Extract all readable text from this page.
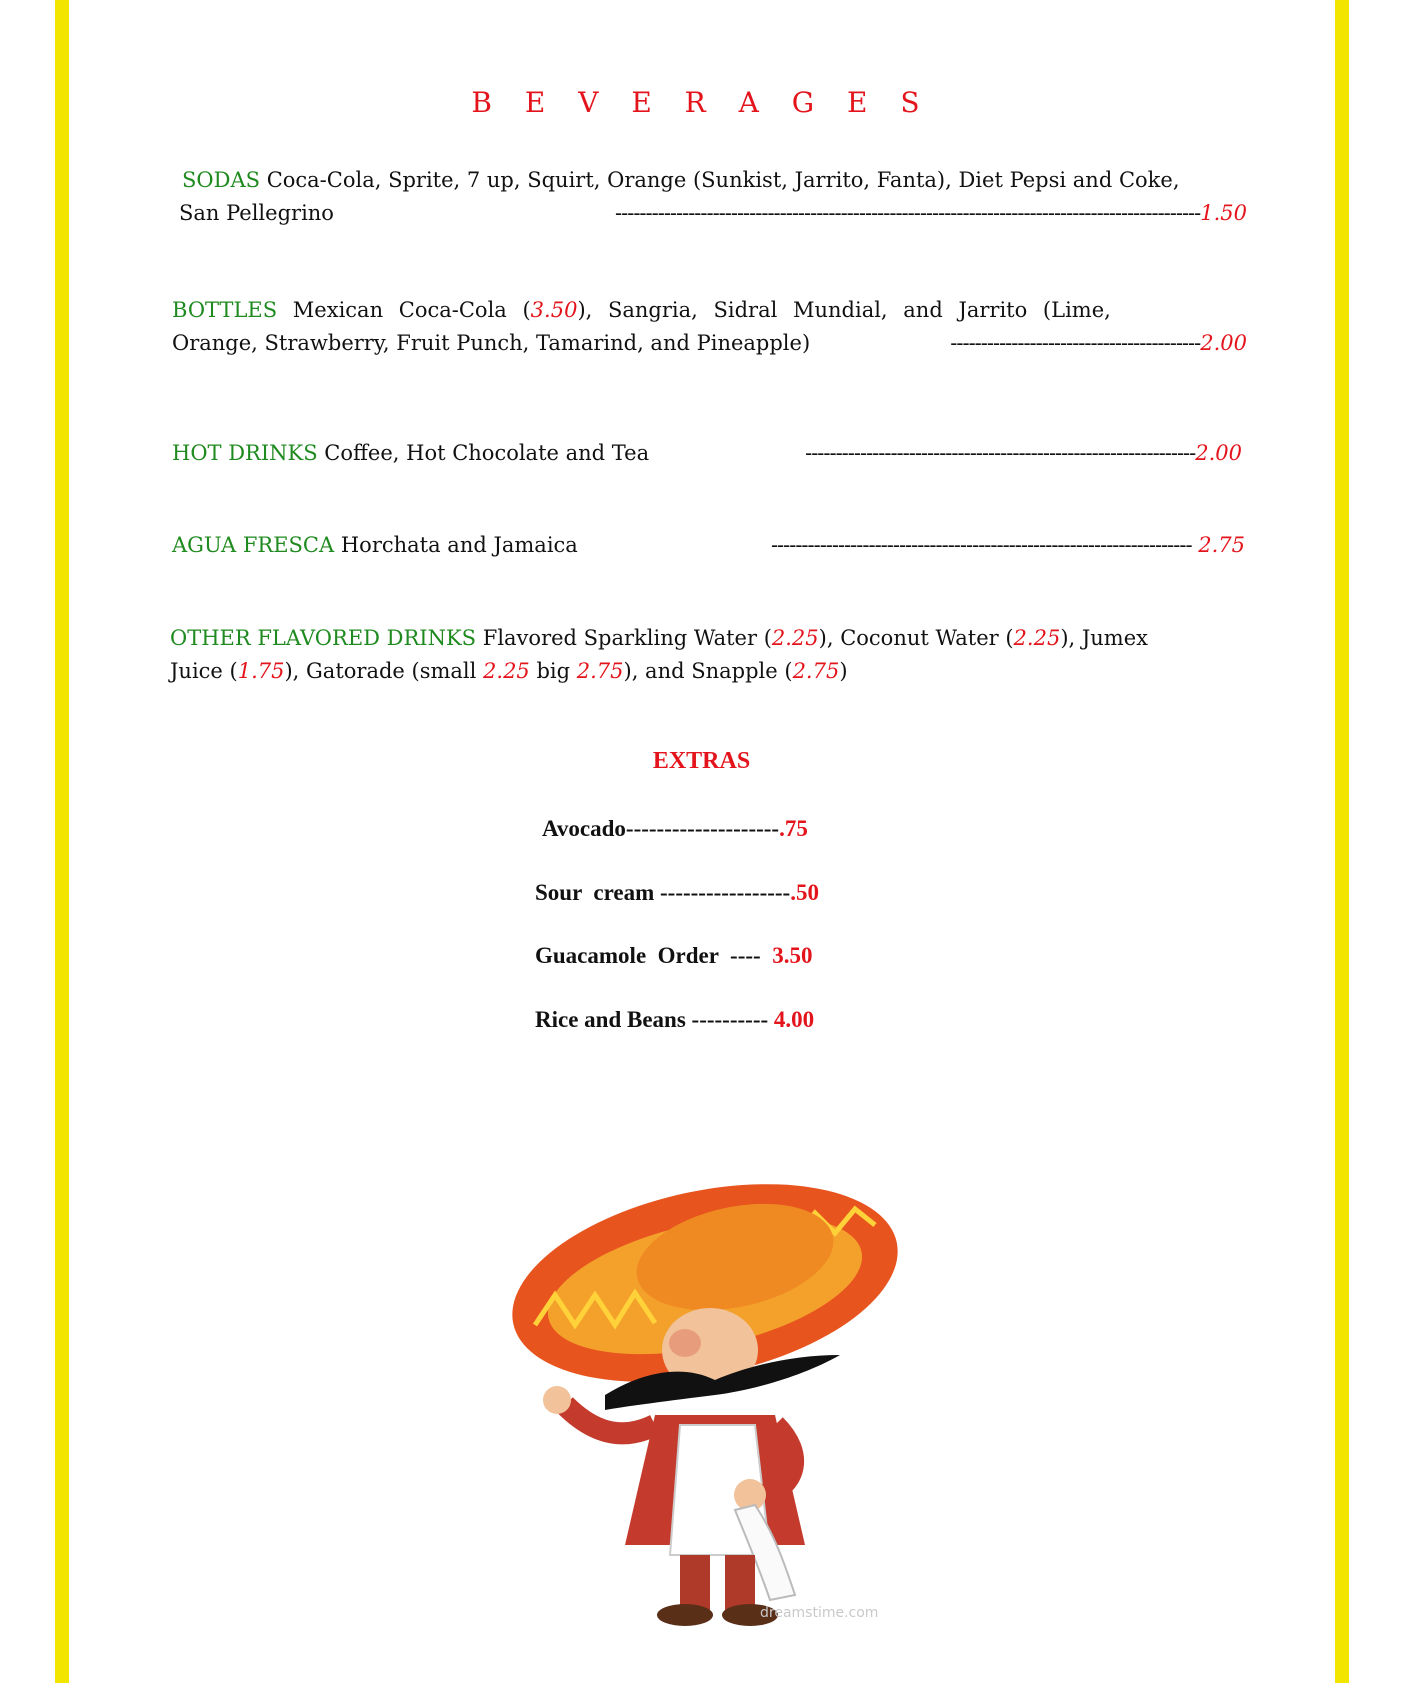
B E V E R A G E S
SODAS Coca-Cola, Sprite, 7 up, Squirt, Orange (Sunkist, Jarrito, Fanta), Diet Pepsi and Coke,
San Pellegrino	------------------------------------------------------------------------------------------------1.50
BOTTLES Mexican Coca-Cola (3.50), Sangria, Sidral Mundial, and Jarrito (Lime,
Orange, Strawberry, Fruit Punch, Tamarind, and Pineapple)	-----------------------------------------2.00
HOT DRINKS Coffee, Hot Chocolate and Tea	----------------------------------------------------------------2.00
AGUA FRESCA Horchata and Jamaica	--------------------------------------------------------------------- 2.75
OTHER FLAVORED DRINKS Flavored Sparkling Water (2.25), Coconut Water (2.25), Jumex
Juice (1.75), Gatorade (small 2.25 big 2.75), and Snapple (2.75)
EXTRAS
Avocado--------------------.75
Sour  cream -----------------.50
Guacamole  Order  ----  3.50
Rice and Beans ---------- 4.00
dreamstime.com
